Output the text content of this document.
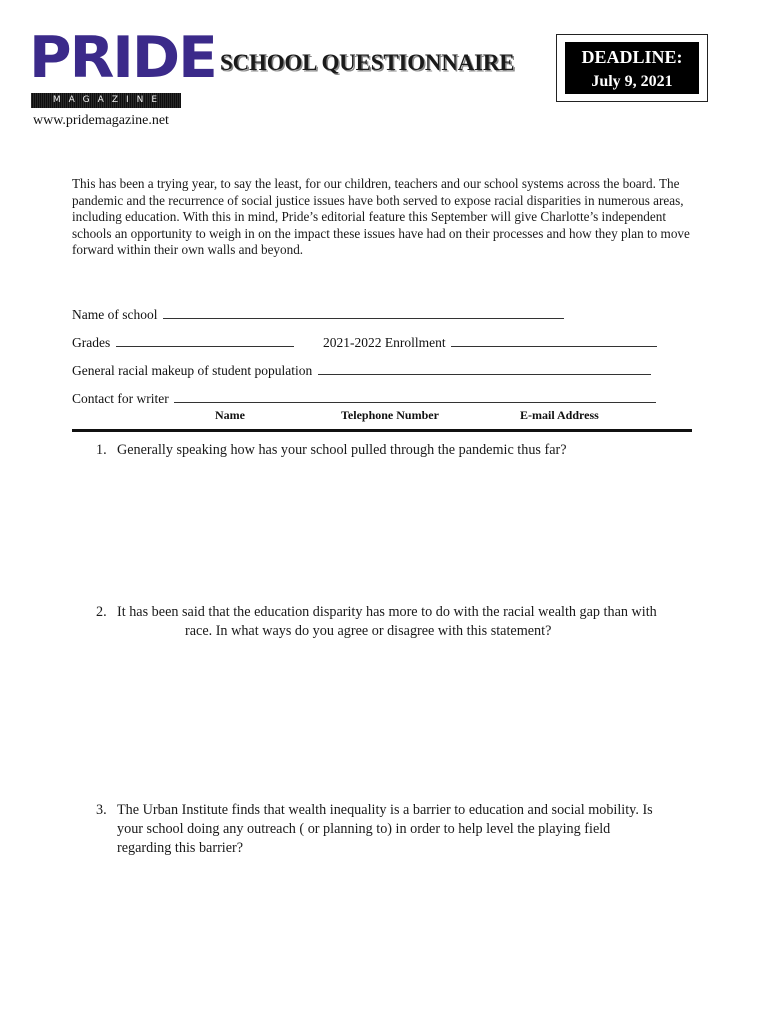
PRIDE
MAGAZINE
www.pridemagazine.net
SCHOOL QUESTIONNAIRE	DEADLINE:
July 9, 2021
This has been a trying year, to say the least, for our children, teachers and our school systems across the board. The pandemic and the recurrence of social justice issues have both served to expose racial disparities in numerous areas, including education. With this in mind, Pride’s editorial feature this September will give Charlotte’s independent schools an opportunity to weigh in on the impact these issues have had on their processes and how they plan to move forward within their own walls and beyond.
Name of school
Grades	2021-2022 Enrollment
General racial makeup of student population
Contact for writer
Name	Telephone Number	E-mail Address
1. Generally speaking how has your school pulled through the pandemic thus far?
2. It has been said that the education disparity has more to do with the racial wealth gap than with
race. In what ways do you agree or disagree with this statement?
3. The Urban Institute finds that wealth inequality is a barrier to education and social mobility. Is
your school doing any outreach ( or planning to) in order to help level the playing field
regarding this barrier?
